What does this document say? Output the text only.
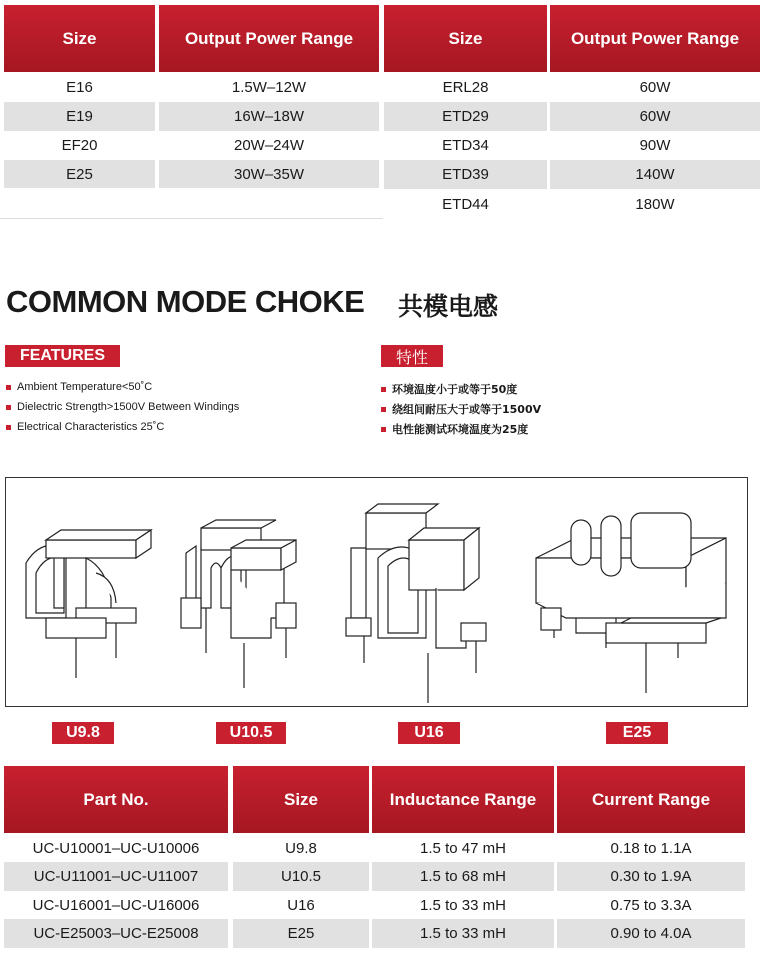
Size	Output Power Range
E16	1.5W–12W
E19	16W–18W
EF20	20W–24W
E25	30W–35W
Size	Output Power Range
ERL28	60W
ETD29	60W
ETD34	90W
ETD39	140W
ETD44	180W
COMMON MODE CHOKE 共模电感
FEATURES
Ambient Temperature<50˚C
Dielectric Strength>1500V Between Windings
Electrical Characteristics 25˚C
特性
环境温度小于或等于50度
绕组间耐压大于或等于1500V
电性能测试环境温度为25度
U9.8	U10.5	U16	E25
Part No.	Size	Inductance Range	Current Range
UC-U10001–UC-U10006	U9.8	1.5 to 47 mH	0.18 to 1.1A
UC-U11001–UC-U11007	U10.5	1.5 to 68 mH	0.30 to 1.9A
UC-U16001–UC-U16006	U16	1.5 to 33 mH	0.75 to 3.3A
UC-E25003–UC-E25008	E25	1.5 to 33 mH	0.90 to 4.0A
